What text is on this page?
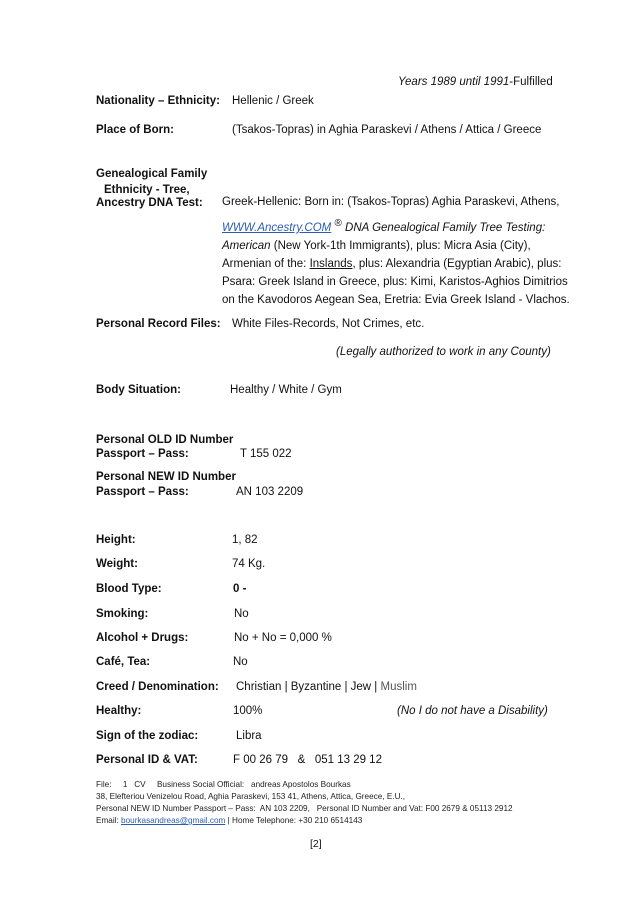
Years 1989 until 1991-Fulfilled
Nationality – Ethnicity: Hellenic / Greek
Place of Born:	(Tsakos-Topras) in Aghia Paraskevi / Athens / Attica / Greece
Genealogical Family
Ethnicity - Tree,
Ancestry DNA Test: Greek-Hellenic: Born in: (Tsakos-Topras) Aghia Paraskevi, Athens,
WWW.Ancestry.COM ® DNA Genealogical Family Tree Testing:
American (New York-1th Immigrants), plus: Micra Asia (City),
Armenian of the: Inslands, plus: Alexandria (Egyptian Arabic), plus:
Psara: Greek Island in Greece, plus: Kimi, Karistos-Aghios Dimitrios
on the Kavodoros Aegean Sea, Eretria: Evia Greek Island - Vlachos.
Personal Record Files: White Files-Records, Not Crimes, etc.
(Legally authorized to work in any County)
Body Situation:	Healthy / White / Gym
Personal OLD ID Number
Passport – Pass:	T 155 022
Personal NEW ID Number
Passport – Pass:	AN 103 2209
Height:	1, 82
Weight:	74 Kg.
Blood Type:	0 -
Smoking:	No
Alcohol + Drugs:	No + No = 0,000 %
Café, Tea:	No
Creed / Denomination: Christian | Byzantine | Jew | Muslim
Healthy:	100%	(No I do not have a Disability)
Sign of the zodiac:	Libra
Personal ID & VAT:	F 00 26 79   &   051 13 29 12
File:     1   CV     Business Social Official:   andreas Apostolos Bourkas
38, Elefteriou Venizelou Road, Aghia Paraskevi, 153 41, Athens, Attica, Greece, E.U.,
Personal NEW ID Number Passport – Pass:  AN 103 2209,   Personal ID Number and Vat: F00 2679 & 05113 2912
Email: bourkasandreas@gmail.com | Home Telephone: +30 210 6514143
[2]
